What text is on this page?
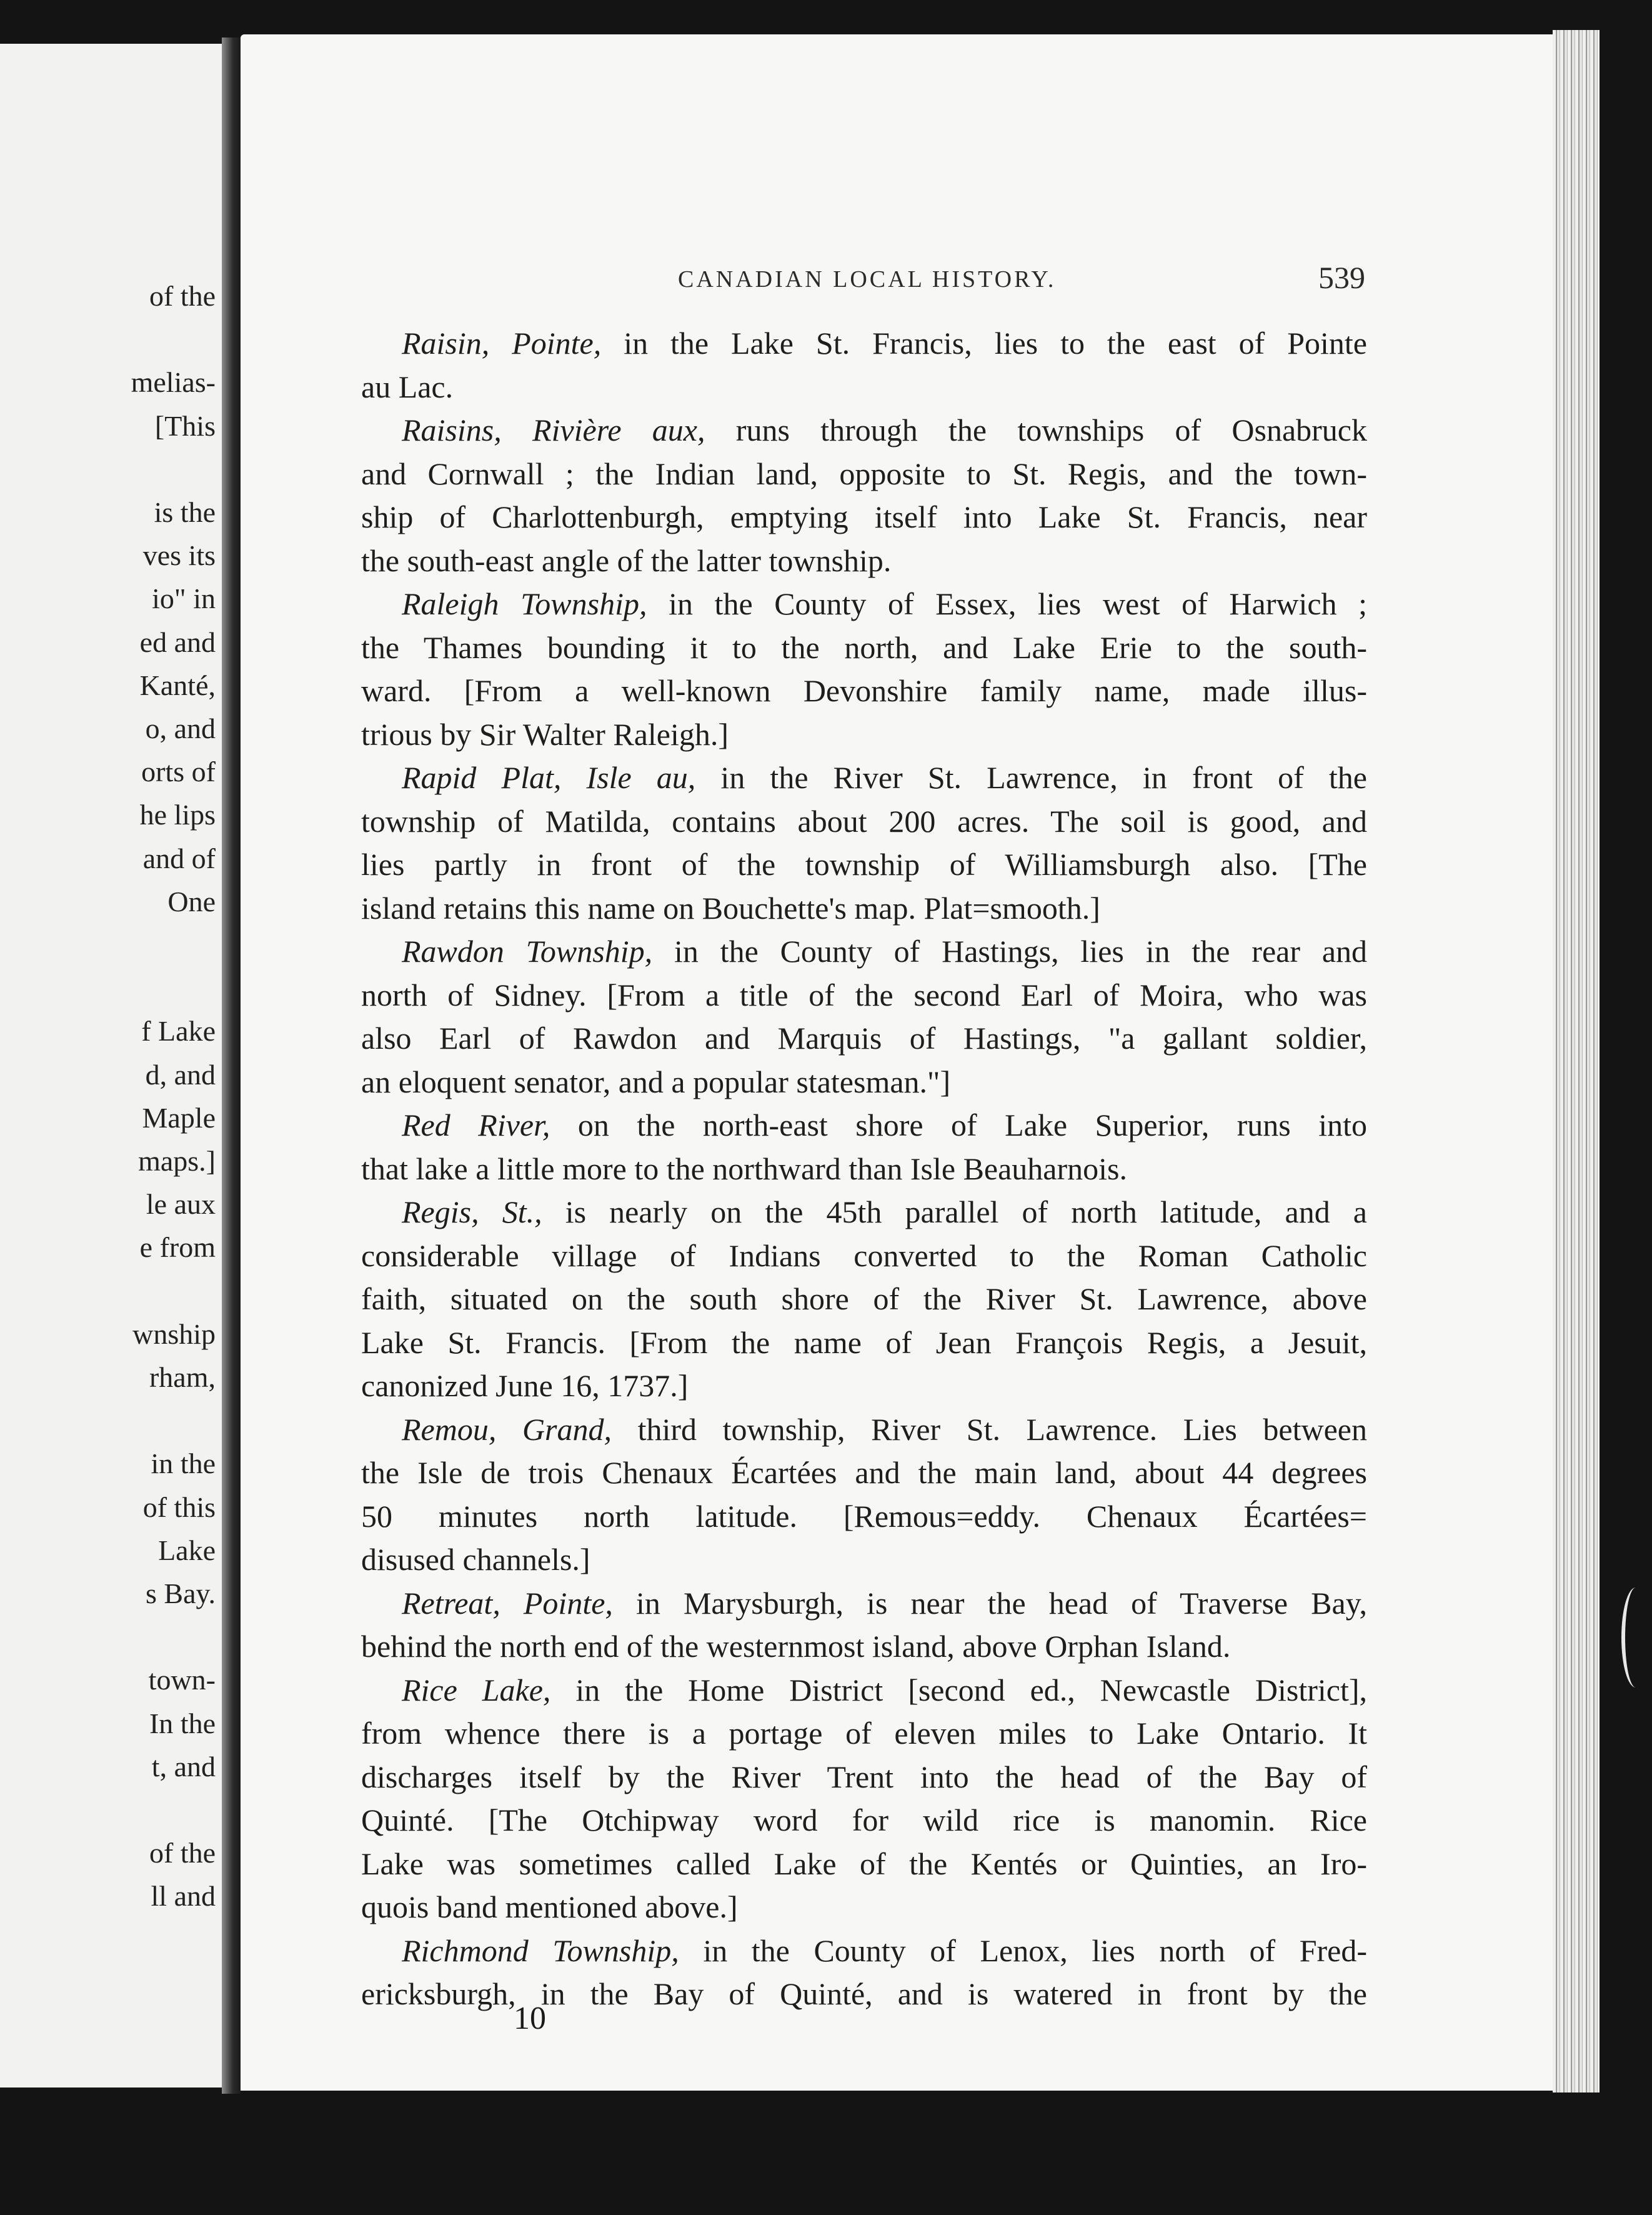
of the
melias-
[This
is the
ves its
io" in
ed and
Kanté,
o, and
orts of
he lips
and of
One
f Lake
d, and
Maple
maps.]
le aux
e from
wnship
rham,
in the
of this
Lake
s Bay.
town-
In the
t, and
of the
ll and
CANADIAN LOCAL HISTORY.	539
Raisin, Pointe, in the Lake St. Francis, lies to the east of Pointe
au Lac.
Raisins, Rivière aux, runs through the townships of Osnabruck
and Cornwall ; the Indian land, opposite to St. Regis, and the town-
ship of Charlottenburgh, emptying itself into Lake St. Francis, near
the south-east angle of the latter township.
Raleigh Township, in the County of Essex, lies west of Harwich ;
the Thames bounding it to the north, and Lake Erie to the south-
ward. [From a well-known Devonshire family name, made illus-
trious by Sir Walter Raleigh.]
Rapid Plat, Isle au, in the River St. Lawrence, in front of the
township of Matilda, contains about 200 acres. The soil is good, and
lies partly in front of the township of Williamsburgh also. [The
island retains this name on Bouchette's map. Plat=smooth.]
Rawdon Township, in the County of Hastings, lies in the rear and
north of Sidney. [From a title of the second Earl of Moira, who was
also Earl of Rawdon and Marquis of Hastings, "a gallant soldier,
an eloquent senator, and a popular statesman."]
Red River, on the north-east shore of Lake Superior, runs into
that lake a little more to the northward than Isle Beauharnois.
Regis, St., is nearly on the 45th parallel of north latitude, and a
considerable village of Indians converted to the Roman Catholic
faith, situated on the south shore of the River St. Lawrence, above
Lake St. Francis. [From the name of Jean François Regis, a Jesuit,
canonized June 16, 1737.]
Remou, Grand, third township, River St. Lawrence. Lies between
the Isle de trois Chenaux Écartées and the main land, about 44 degrees
50 minutes north latitude. [Remous=eddy. Chenaux Écartées=
disused channels.]
Retreat, Pointe, in Marysburgh, is near the head of Traverse Bay,
behind the north end of the westernmost island, above Orphan Island.
Rice Lake, in the Home District [second ed., Newcastle District],
from whence there is a portage of eleven miles to Lake Ontario. It
discharges itself by the River Trent into the head of the Bay of
Quinté. [The Otchipway word for wild rice is manomin. Rice
Lake was sometimes called Lake of the Kentés or Quinties, an Iro-
quois band mentioned above.]
Richmond Township, in the County of Lenox, lies north of Fred-
ericksburgh, in the Bay of Quinté, and is watered in front by the
10
